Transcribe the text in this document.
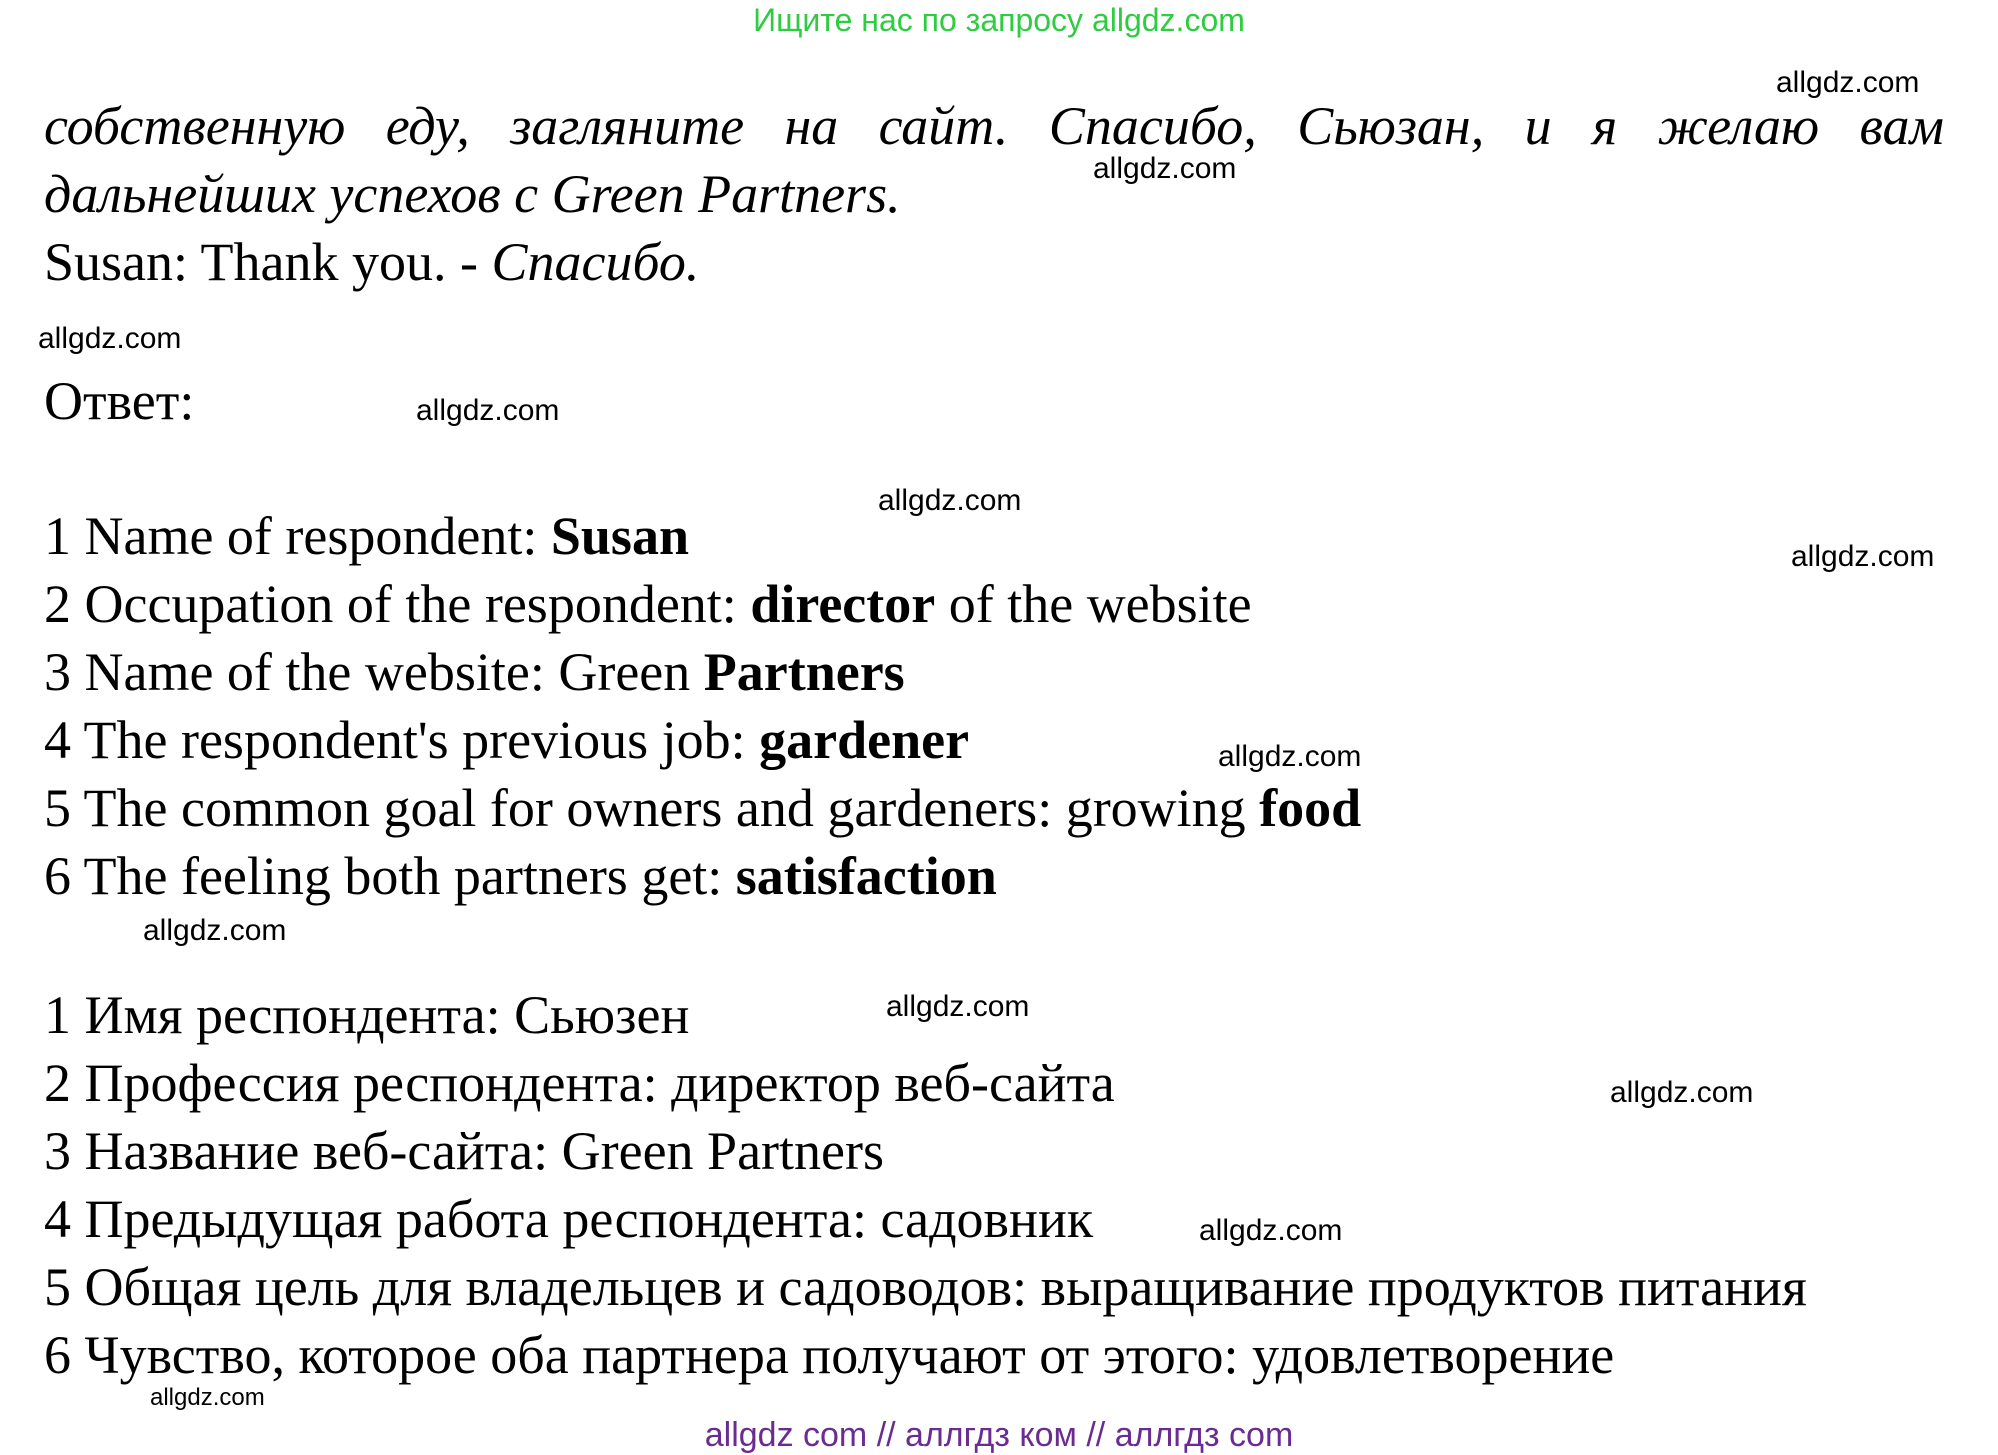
Ищите нас по запросу allgdz.com
allgdz.com
allgdz.com
allgdz.com
allgdz.com
allgdz.com
allgdz.com
allgdz.com
allgdz.com
allgdz.com
allgdz.com
allgdz.com
allgdz.com
собственную еду, загляните на сайт. Спасибо, Сьюзан, и я желаю вам
дальнейших успехов с Green Partners.
Susan: Thank you. - Спасибо.
Ответ:
1 Name of respondent: Susan
2 Occupation of the respondent: director of the website
3 Name of the website: Green Partners
4 The respondent's previous job: gardener
5 The common goal for owners and gardeners: growing food
6 The feeling both partners get: satisfaction
1 Имя респондента: Сьюзен
2 Профессия респондента: директор веб-сайта
3 Название веб-сайта: Green Partners
4 Предыдущая работа респондента: садовник
5 Общая цель для владельцев и садоводов: выращивание продуктов питания
6 Чувство, которое оба партнера получают от этого: удовлетворение
allgdz com // аллгдз ком // аллгдз com
